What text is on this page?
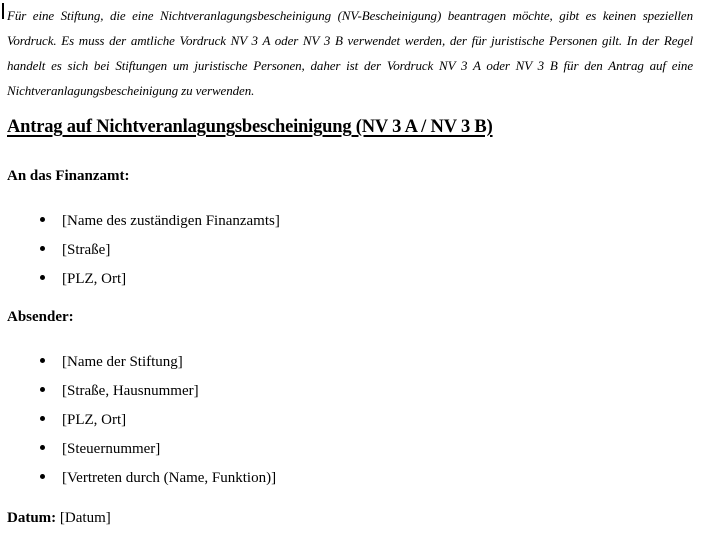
Für eine Stiftung, die eine Nichtveranlagungsbescheinigung (NV-Bescheinigung) beantragen möchte, gibt es keinen speziellen Vordruck. Es muss der amtliche Vordruck NV 3 A oder NV 3 B verwendet werden, der für juristische Personen gilt. In der Regel handelt es sich bei Stiftungen um juristische Personen, daher ist der Vordruck NV 3 A oder NV 3 B für den Antrag auf eine Nichtveranlagungsbescheinigung zu verwenden.

Antrag auf Nichtveranlagungsbescheinigung (NV 3 A / NV 3 B)

An das Finanzamt:

[Name des zuständigen Finanzamts]
[Straße]
[PLZ, Ort]

Absender:

[Name der Stiftung]
[Straße, Hausnummer]
[PLZ, Ort]
[Steuernummer]
[Vertreten durch (Name, Funktion)]

Datum: [Datum]
